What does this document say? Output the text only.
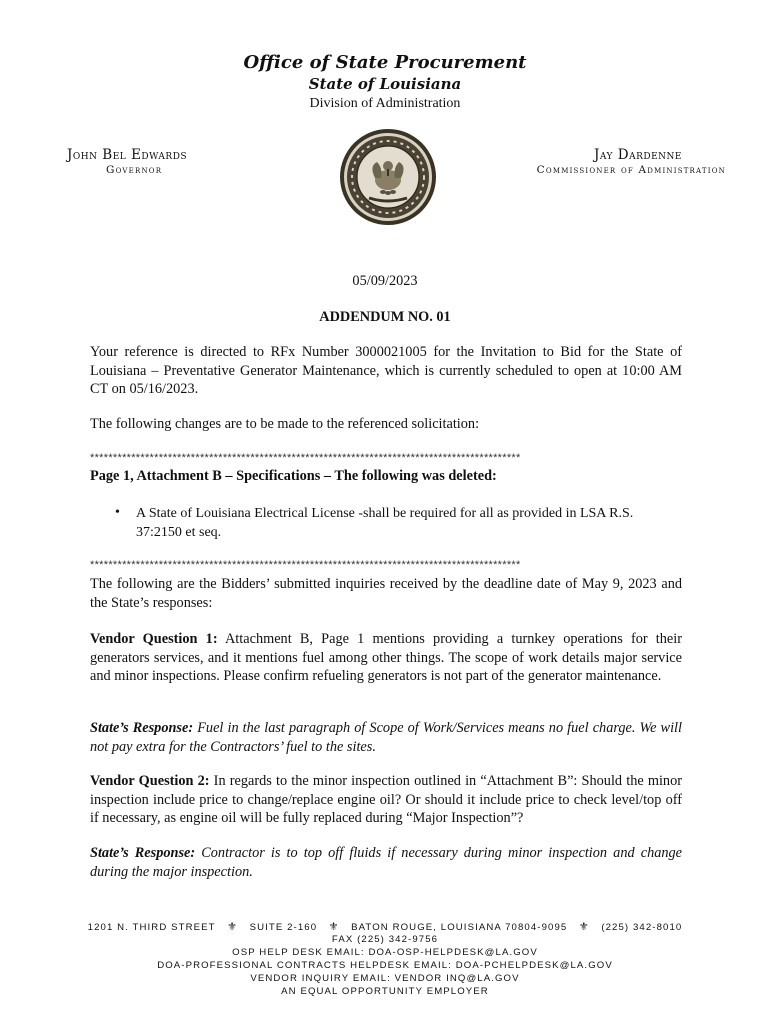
Office of State Procurement
State of Louisiana
Division of Administration
John Bel Edwards
Governor
Jay Dardenne
Commissioner of Administration
05/09/2023
ADDENDUM NO. 01
Your reference is directed to RFx Number 3000021005 for the Invitation to Bid for the State of Louisiana – Preventative Generator Maintenance, which is currently scheduled to open at 10:00 AM CT on 05/16/2023.
The following changes are to be made to the referenced solicitation:
**********************************************************************************************
Page 1, Attachment B – Specifications – The following was deleted:
• A State of Louisiana Electrical License -shall be required for all as provided in LSA R.S. 37:2150 et seq.
**********************************************************************************************
The following are the Bidders’ submitted inquiries received by the deadline date of May 9, 2023 and the State’s responses:
Vendor Question 1: Attachment B, Page 1 mentions providing a turnkey operations for their generators services, and it mentions fuel among other things. The scope of work details major service and minor inspections. Please confirm refueling generators is not part of the generator maintenance.
State’s Response: Fuel in the last paragraph of Scope of Work/Services means no fuel charge. We will not pay extra for the Contractors’ fuel to the sites.
Vendor Question 2: In regards to the minor inspection outlined in “Attachment B”: Should the minor inspection include price to change/replace engine oil? Or should it include price to check level/top off if necessary, as engine oil will be fully replaced during “Major Inspection”?
State’s Response: Contractor is to top off fluids if necessary during minor inspection and change during the major inspection.
1201 N. THIRD STREET ⚜ SUITE 2-160 ⚜ BATON ROUGE, LOUISIANA 70804-9095 ⚜ (225) 342-8010
FAX (225) 342-9756
OSP HELP DESK EMAIL: DOA-OSP-HELPDESK@LA.GOV
DOA-PROFESSIONAL CONTRACTS HELPDESK EMAIL: DOA-PCHELPDESK@LA.GOV
VENDOR INQUIRY EMAIL: VENDOR INQ@LA.GOV
AN EQUAL OPPORTUNITY EMPLOYER
